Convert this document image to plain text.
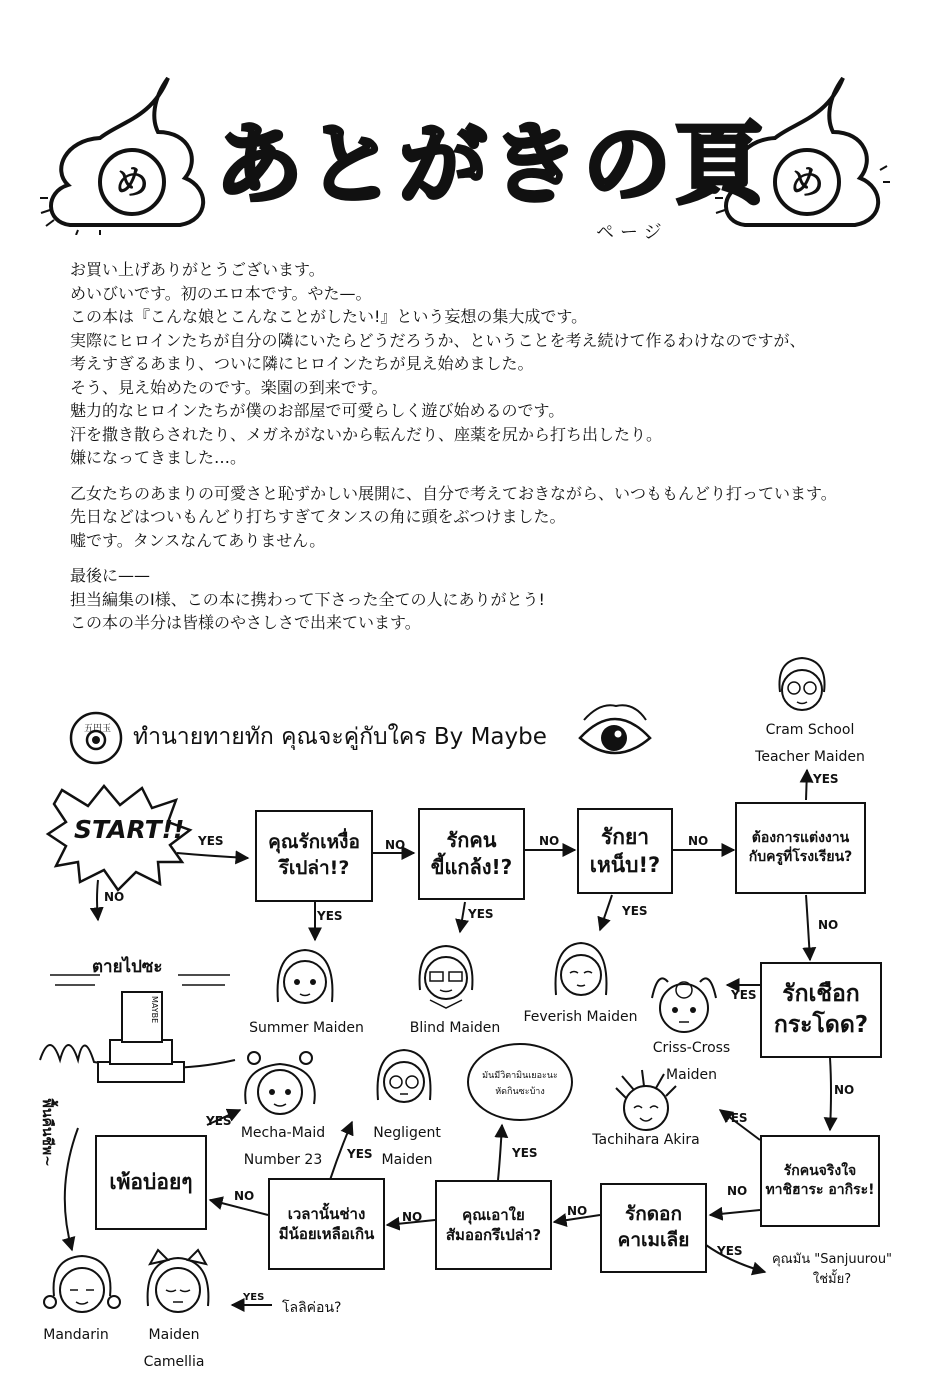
め	め
あとがきの頁
ページ
お買い上げありがとうございます。
めいびいです。初のエロ本です。やた—。
この本は『こんな娘とこんなことがしたい!』という妄想の集大成です。
実際にヒロインたちが自分の隣にいたらどうだろうか、ということを考え続けて作るわけなのですが、
考えすぎるあまり、ついに隣にヒロインたちが見え始めました。
そう、見え始めたのです。楽園の到来です。
魅力的なヒロインたちが僕のお部屋で可愛らしく遊び始めるのです。
汗を撒き散らされたり、メガネがないから転んだり、座薬を尻から打ち出したり。
嫌になってきました…。
乙女たちのあまりの可愛さと恥ずかしい展開に、自分で考えておきながら、いつももんどり打っています。
先日などはついもんどり打ちすぎてタンスの角に頭をぶつけました。
嘘です。タンスなんてありません。
最後に——
担当編集のI様、この本に携わって下さった全ての人にありがとう!
この本の半分は皆様のやさしさで出来ています。
五円玉 ทำนายทายทัก คุณจะคู่กับใคร By Maybe
START!!	คุณรักเหงื่อ
รึเปล่า!?
รักคน
ขี้แกล้ง!?
รักยา
เหน็บ!?
ต้องการแต่งงาน
กับครูที่โรงเรียน?
รักเชือก
กระโดด?
รักคนจริงใจ
ทาชิฮาระ อากิระ!
รักดอก
คาเมเลีย
คุณเอาใย
สัมออกรึเปล่า?
เวลานั้นช่าง
มีน้อยเหลือเกิน
เพ้อบ่อยๆ
YES
NO
NO	NO	NO
YES
NO
YES	YES	YES
YES
NO
YES
NO
YES
NO
NO
YES
YES
NO
YES
YES
Cram School
Teacher Maiden
Summer Maiden	Blind Maiden
Feverish Maiden
Criss-Cross
Maiden
Tachihara Akira
Mecha-Maid
Number 23
Negligent
Maiden
Mandarin	Maiden
Camellia
ตายไปซะ
MAYBE
ฟื้นคืนชีพ~
มันมีวิตามินเยอะนะ
หัดกินซะบ้าง
คุณมัน "Sanjuurou"
ใช่มั้ย?
โลลิค่อน?
